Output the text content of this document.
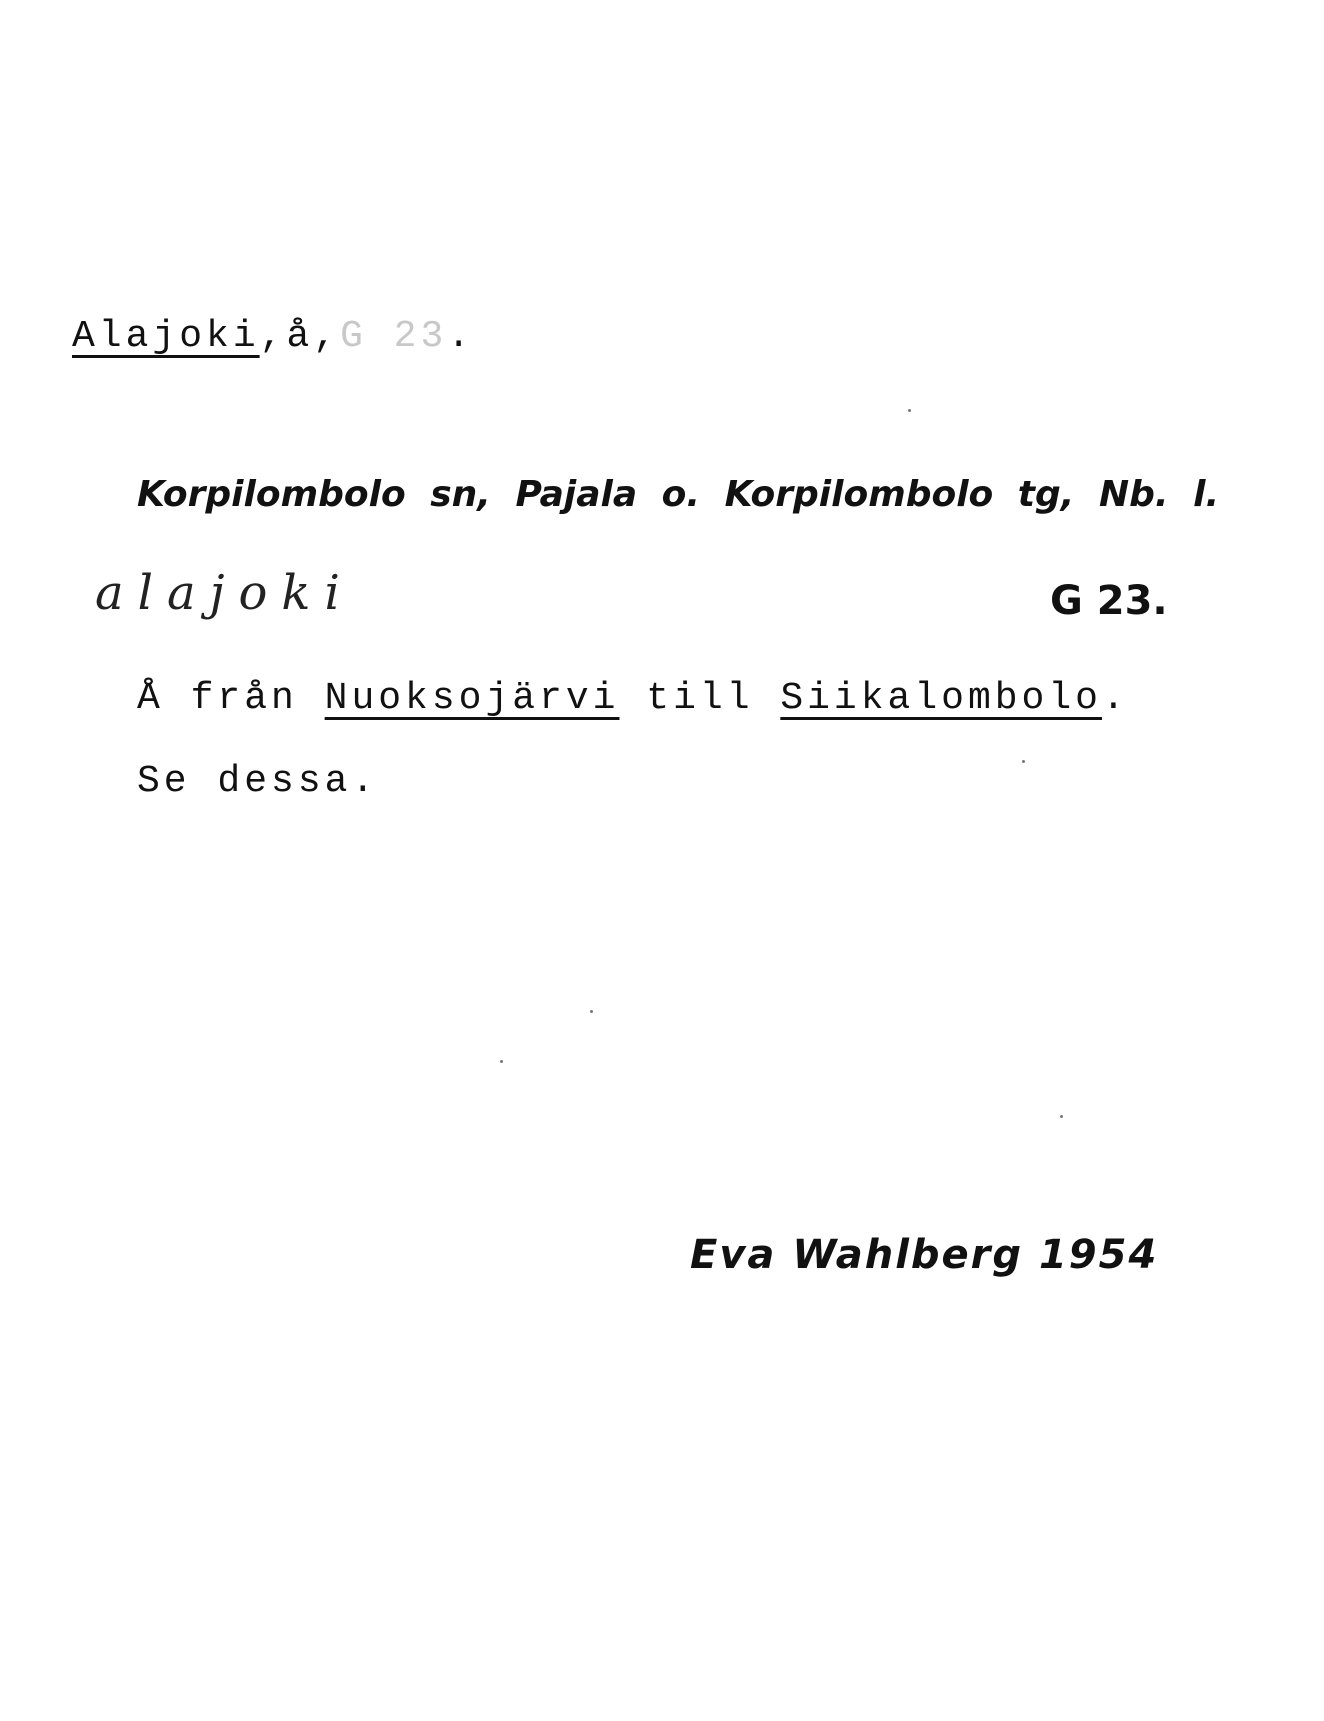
Alajoki,å,G 23.
Korpilombolo sn, Pajala o. Korpilombolo tg, Nb. l.
alajoki	G 23.
Å från Nuoksojärvi till Siikalombolo.
Se dessa.
Eva Wahlberg 1954
